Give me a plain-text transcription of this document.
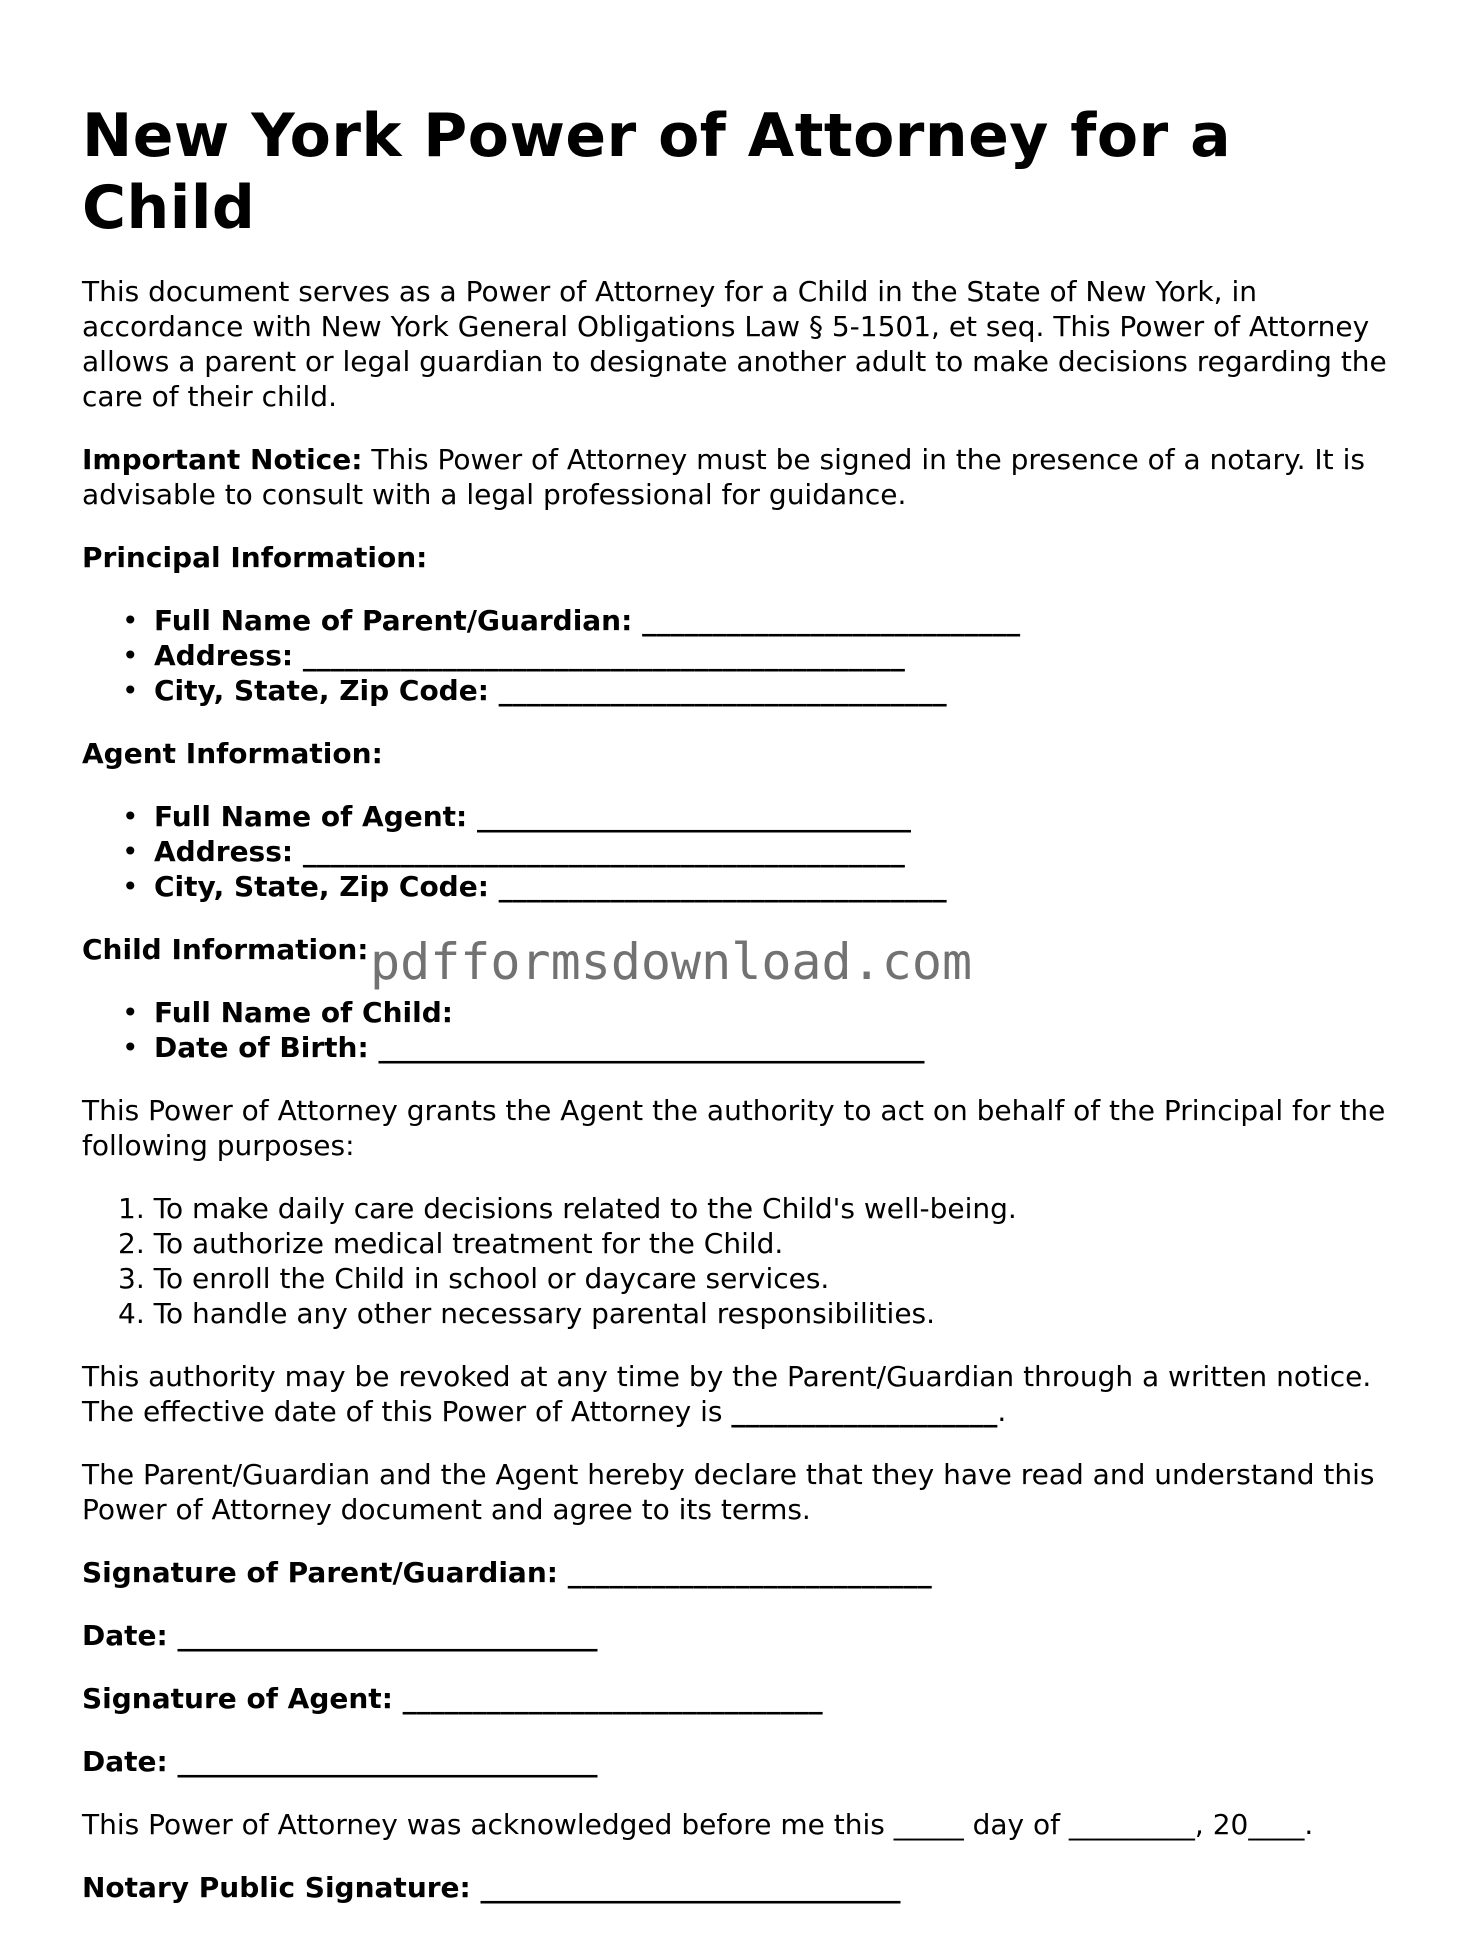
New York Power of Attorney for a Child

This document serves as a Power of Attorney for a Child in the State of New York, in accordance with New York General Obligations Law § 5-1501, et seq. This Power of Attorney allows a parent or legal guardian to designate another adult to make decisions regarding the care of their child.

Important Notice: This Power of Attorney must be signed in the presence of a notary. It is advisable to consult with a legal professional for guidance.

Principal Information:
• Full Name of Parent/Guardian: ___________________________
• Address: ___________________________________________
• City, State, Zip Code: ________________________________
Agent Information:
• Full Name of Agent: _______________________________
• Address: ___________________________________________
• City, State, Zip Code: ________________________________
Child Information:
• Full Name of Child:
• Date of Birth: _______________________________________

This Power of Attorney grants the Agent the authority to act on behalf of the Principal for the following purposes:

1. To make daily care decisions related to the Child's well-being.
2. To authorize medical treatment for the Child.
3. To enroll the Child in school or daycare services.
4. To handle any other necessary parental responsibilities.

This authority may be revoked at any time by the Parent/Guardian through a written notice. The effective date of this Power of Attorney is ___________________.

The Parent/Guardian and the Agent hereby declare that they have read and understand this Power of Attorney document and agree to its terms.

Signature of Parent/Guardian: __________________________
Date: ______________________________
Signature of Agent: ______________________________
Date: ______________________________

This Power of Attorney was acknowledged before me this _____ day of _________, 20____.

Notary Public Signature: ______________________________
pdfformsdownload.com
